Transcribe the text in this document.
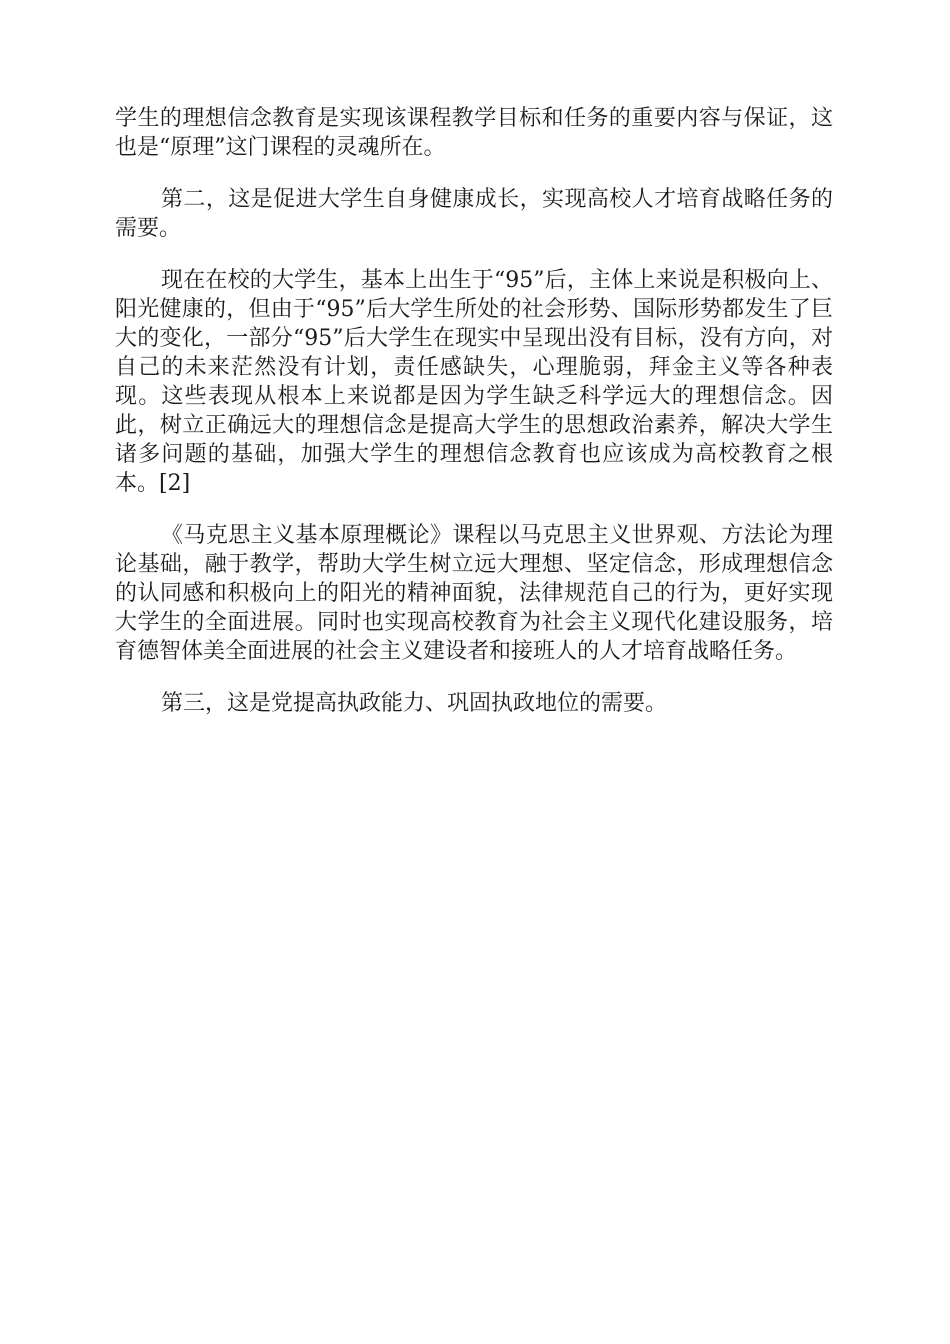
学生的理想信念教育是实现该课程教学目标和任务的重要内容与保证，这也是“原理”这门课程的灵魂所在。

第二，这是促进大学生自身健康成长，实现高校人才培育战略任务的需要。

现在在校的大学生，基本上出生于“95”后，主体上来说是积极向上、阳光健康的，但由于“95”后大学生所处的社会形势、国际形势都发生了巨大的变化，一部分“95”后大学生在现实中呈现出没有目标，没有方向，对自己的未来茫然没有计划，责任感缺失，心理脆弱，拜金主义等各种表现。这些表现从根本上来说都是因为学生缺乏科学远大的理想信念。因此，树立正确远大的理想信念是提高大学生的思想政治素养，解决大学生诸多问题的基础，加强大学生的理想信念教育也应该成为高校教育之根本。[2]

《马克思主义基本原理概论》课程以马克思主义世界观、方法论为理论基础，融于教学，帮助大学生树立远大理想、坚定信念，形成理想信念的认同感和积极向上的阳光的精神面貌，法律规范自己的行为，更好实现大学生的全面进展。同时也实现高校教育为社会主义现代化建设服务，培育德智体美全面进展的社会主义建设者和接班人的人才培育战略任务。

第三，这是党提高执政能力、巩固执政地位的需要。
